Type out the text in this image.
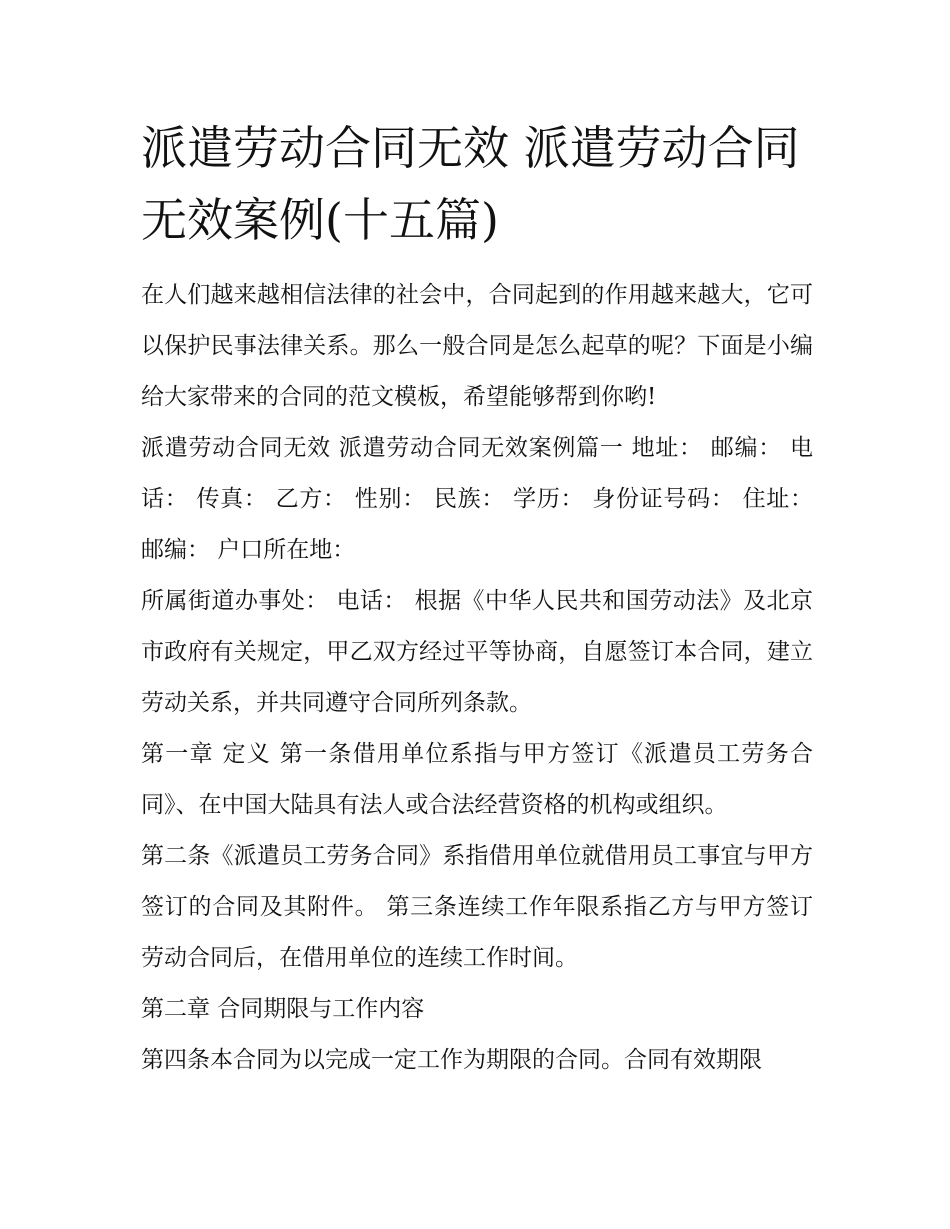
派遣劳动合同无效 派遣劳动合同无效案例(十五篇)

在人们越来越相信法律的社会中，合同起到的作用越来越大，它可以保护民事法律关系。那么一般合同是怎么起草的呢？下面是小编给大家带来的合同的范文模板，希望能够帮到你哟!

派遣劳动合同无效 派遣劳动合同无效案例篇一 地址： 邮编： 电话： 传真： 乙方： 性别： 民族： 学历： 身份证号码： 住址： 邮编： 户口所在地：

所属街道办事处： 电话： 根据《中华人民共和国劳动法》及北京市政府有关规定，甲乙双方经过平等协商，自愿签订本合同，建立劳动关系，并共同遵守合同所列条款。

第一章 定义 第一条借用单位系指与甲方签订《派遣员工劳务合同》、在中国大陆具有法人或合法经营资格的机构或组织。

第二条《派遣员工劳务合同》系指借用单位就借用员工事宜与甲方签订的合同及其附件。 第三条连续工作年限系指乙方与甲方签订劳动合同后，在借用单位的连续工作时间。

第二章 合同期限与工作内容

第四条本合同为以完成一定工作为期限的合同。合同有效期限
